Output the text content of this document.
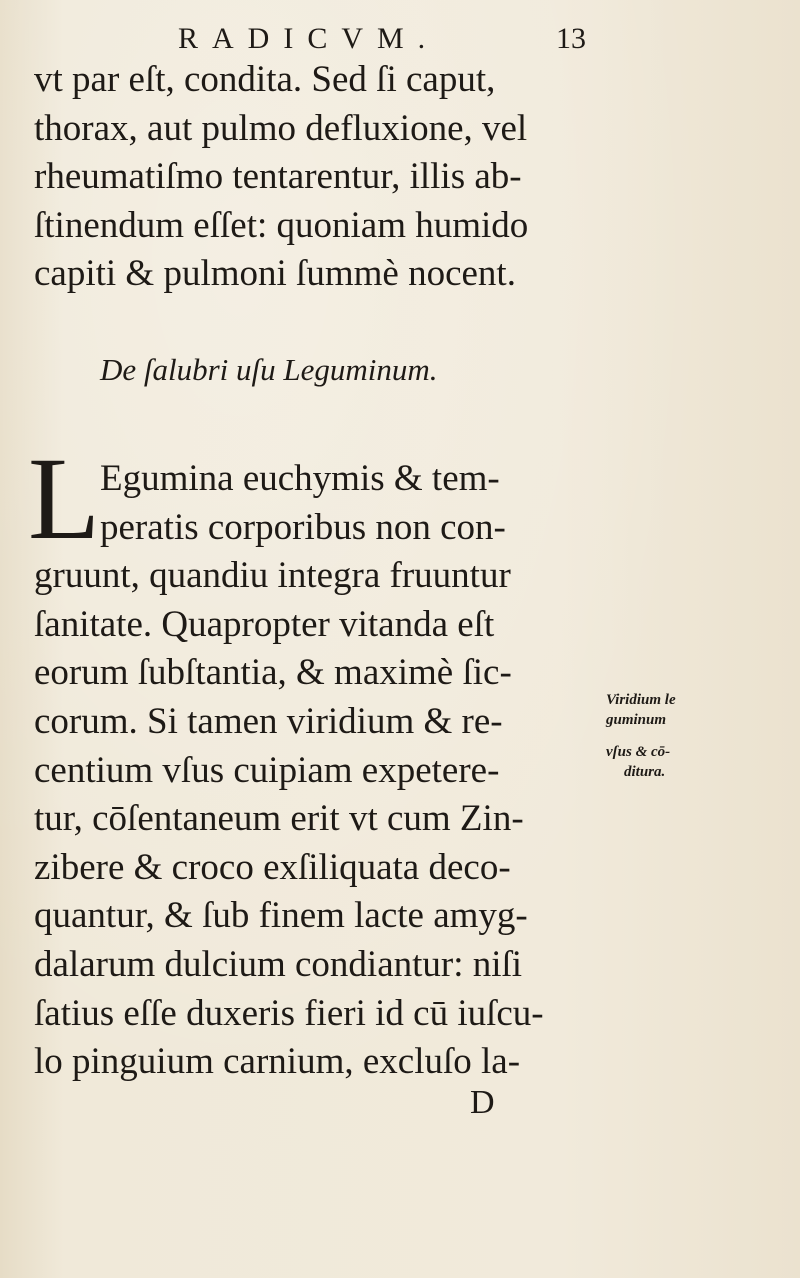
RADICVM.	13
vt par eſt, condita. Sed ſi caput,
thorax, aut pulmo defluxione, vel
rheumatiſmo tentarentur, illis ab-
ſtinendum eſſet: quoniam humido
capiti & pulmoni ſummè nocent.
De ſalubri uſu Leguminum.
L Egumina euchymis & tem-
peratis corporibus non con-
gruunt, quandiu integra fruuntur
ſanitate. Quapropter vitanda eſt
eorum ſubſtantia, & maximè ſic-
corum. Si tamen viridium & re-
centium vſus cuipiam expetere-
tur, cōſentaneum erit vt cum Zin-
zibere & croco exſiliquata deco-
quantur, & ſub finem lacte amyg-
dalarum dulcium condiantur: niſi
ſatius eſſe duxeris fieri id cū iuſcu-
lo pinguium carnium, excluſo la-
Viridium le
guminum
vſus & cō-
ditura.
D
